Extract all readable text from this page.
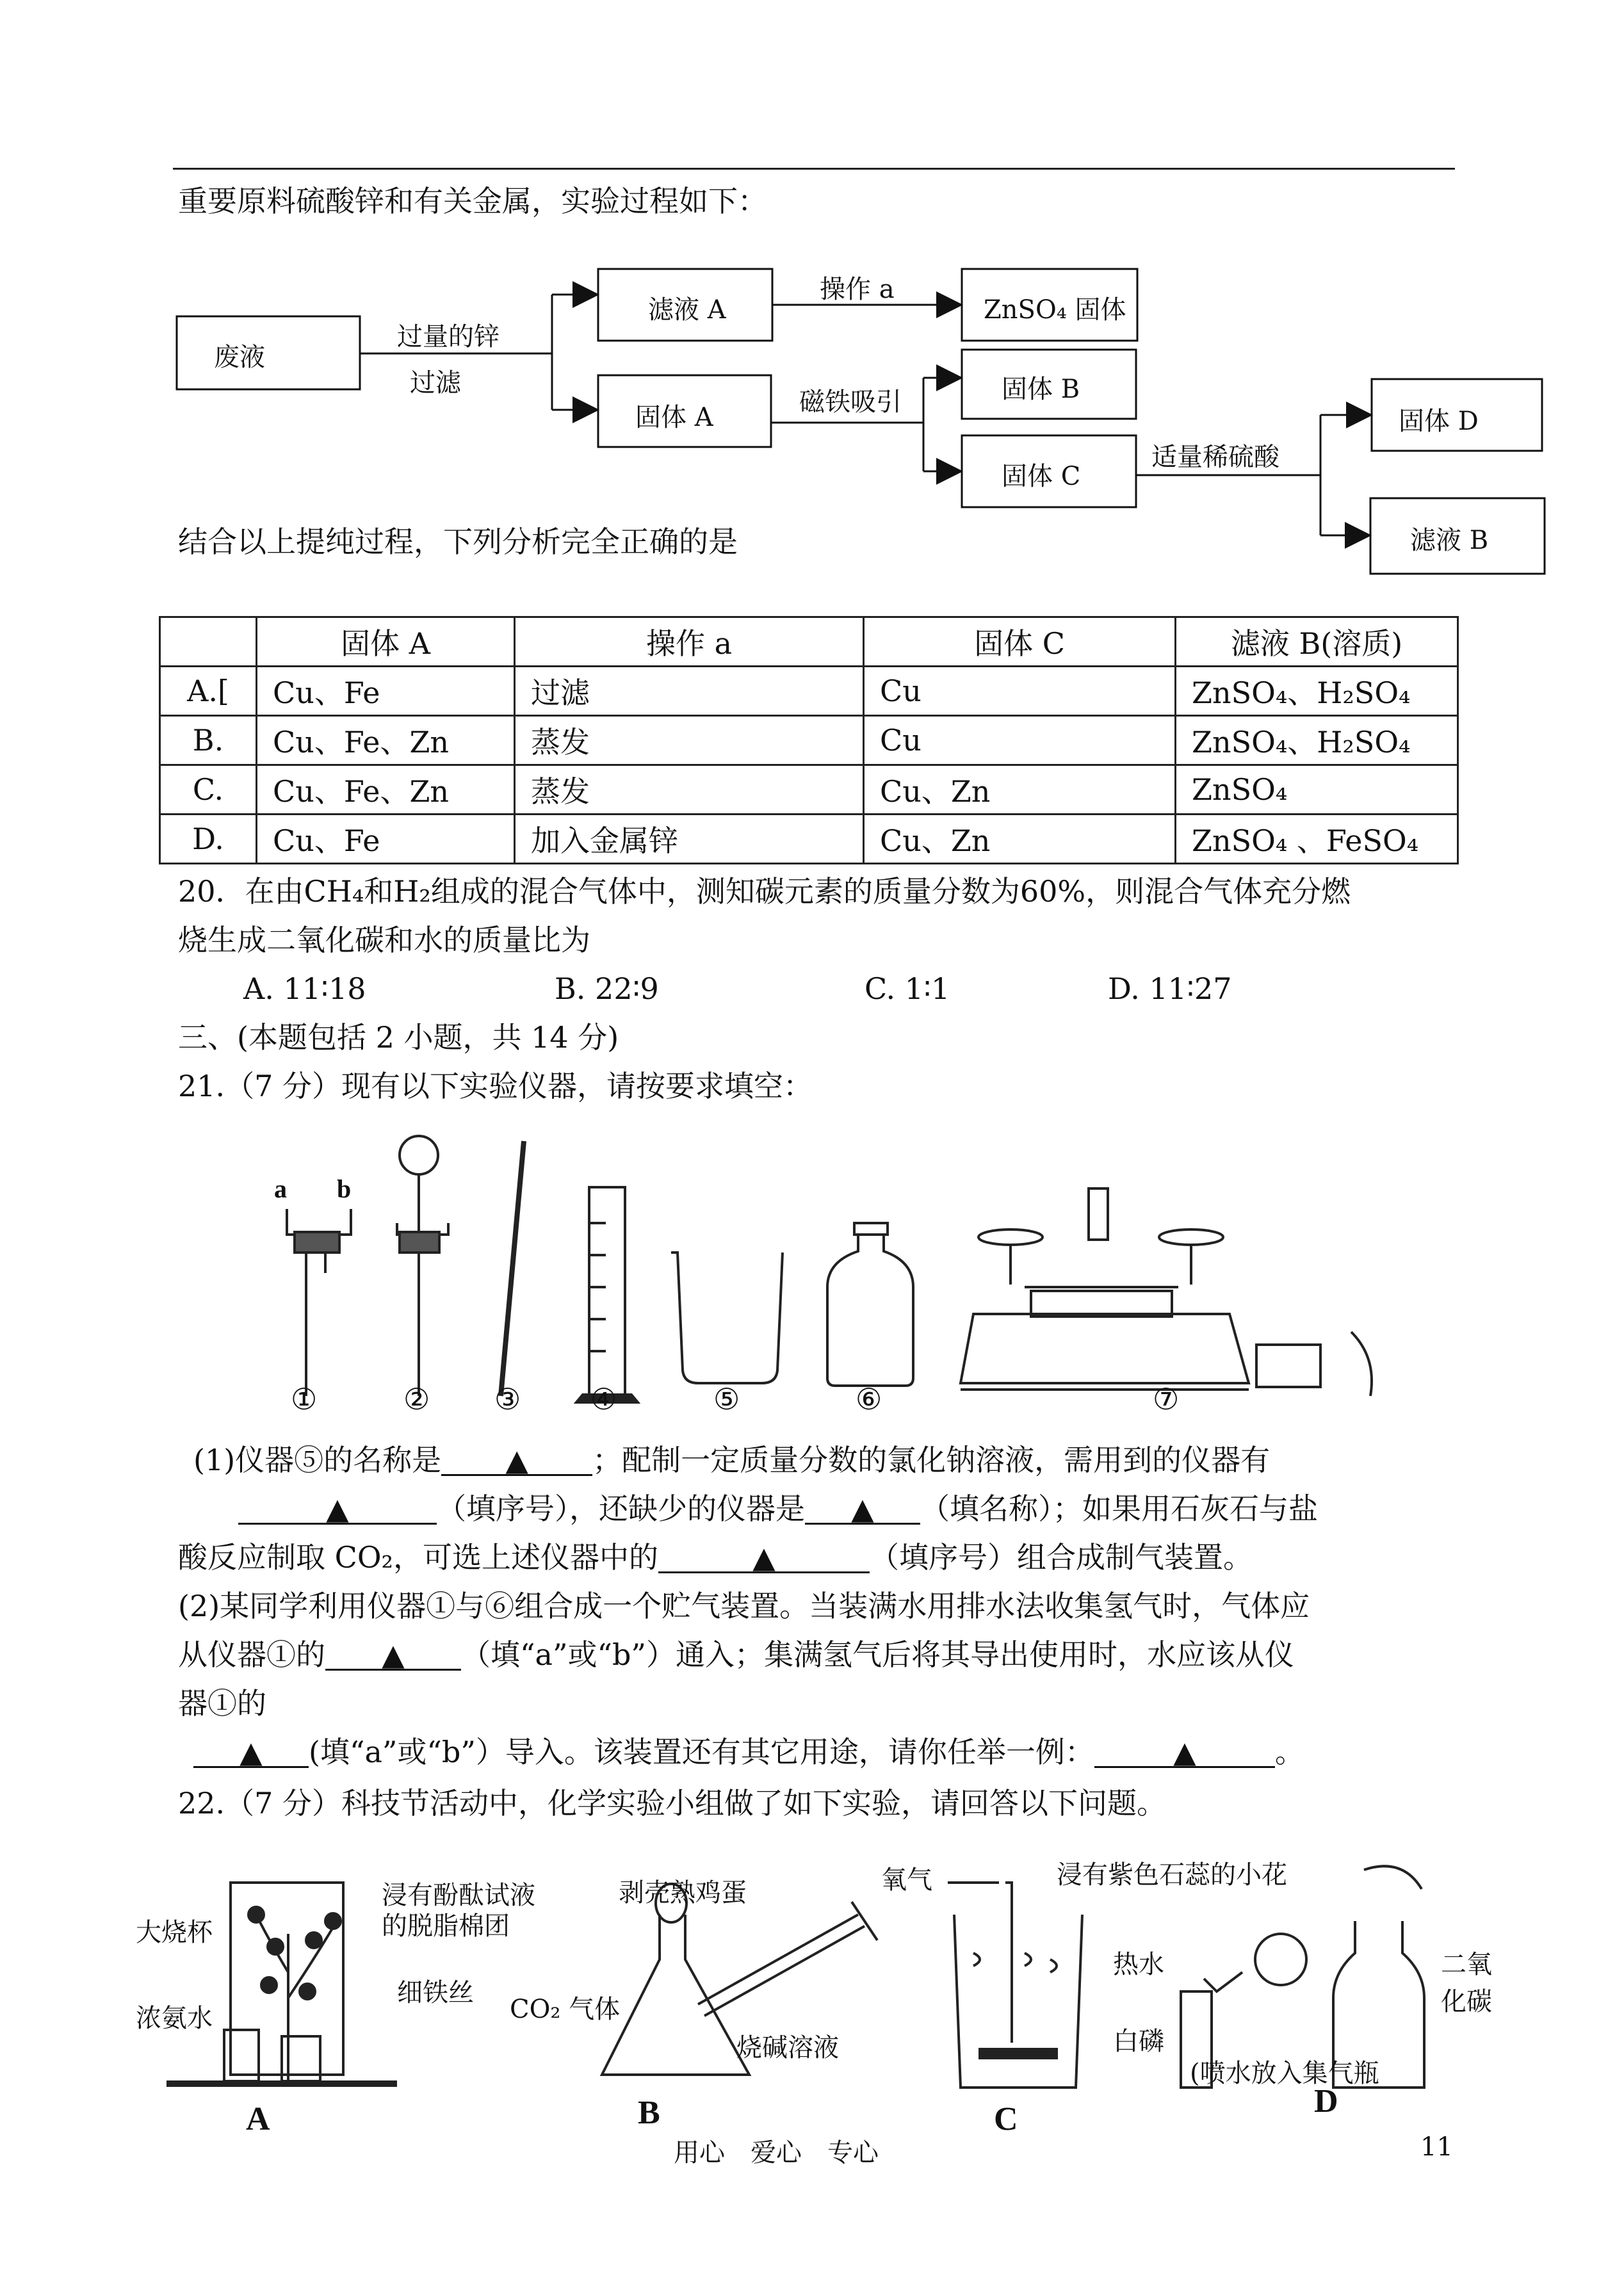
重要原料硫酸锌和有关金属，实验过程如下：
废液
过量的锌
过滤
滤液 A
操作 a
ZnSO₄ 固体
固体 A
磁铁吸引	固体 B
固体 C
适量稀硫酸
固体 D
滤液 B
结合以上提纯过程，下列分析完全正确的是
	固体 A	操作 a	固体 C	滤液 B(溶质)
A.[	Cu、Fe	过滤	Cu	ZnSO₄、H₂SO₄
B.	Cu、Fe、Zn	蒸发	Cu	ZnSO₄、H₂SO₄
C.	Cu、Fe、Zn	蒸发	Cu、Zn	ZnSO₄
D.	Cu、Fe	加入金属锌	Cu、Zn	ZnSO₄ 、FeSO₄
20．在由CH₄和H₂组成的混合气体中，测知碳元素的质量分数为60%，则混合气体充分燃
烧生成二氧化碳和水的质量比为
A. 11∶18	B. 22∶9	C. 1∶1	D. 11∶27
三、(本题包括 2 小题，共 14 分)
21.（7 分）现有以下实验仪器，请按要求填空：
a b
①	② ③ ④	⑤	⑥	⑦
(1)仪器⑤的名称是 ▲ ；配制一定质量分数的氯化钠溶液，需用到的仪器有
▲	（填序号），还缺少的仪器是 ▲ （填名称）；如果用石灰石与盐
酸反应制取 CO₂，可选上述仪器中的	▲	（填序号）组合成制气装置。
(2)某同学利用仪器①与⑥组合成一个贮气装置。当装满水用排水法收集氢气时，气体应
从仪器①的 ▲ （填“a”或“b”）通入；集满氢气后将其导出使用时，水应该从仪
器①的
▲ (填“a”或“b”）导入。该装置还有其它用途，请你任举一例：	▲	。
22.（7 分）科技节活动中，化学实验小组做了如下实验，请回答以下问题。
大烧杯
浸有酚酞试液
的脱脂棉团
浓氨水
细铁丝
A
剥壳熟鸡蛋
CO₂ 气体
烧碱溶液
B
氧气
热水
白磷
C
浸有紫色石蕊的小花
二氧
化碳
(喷水放入集气瓶
D
用心　爱心　专心	11
